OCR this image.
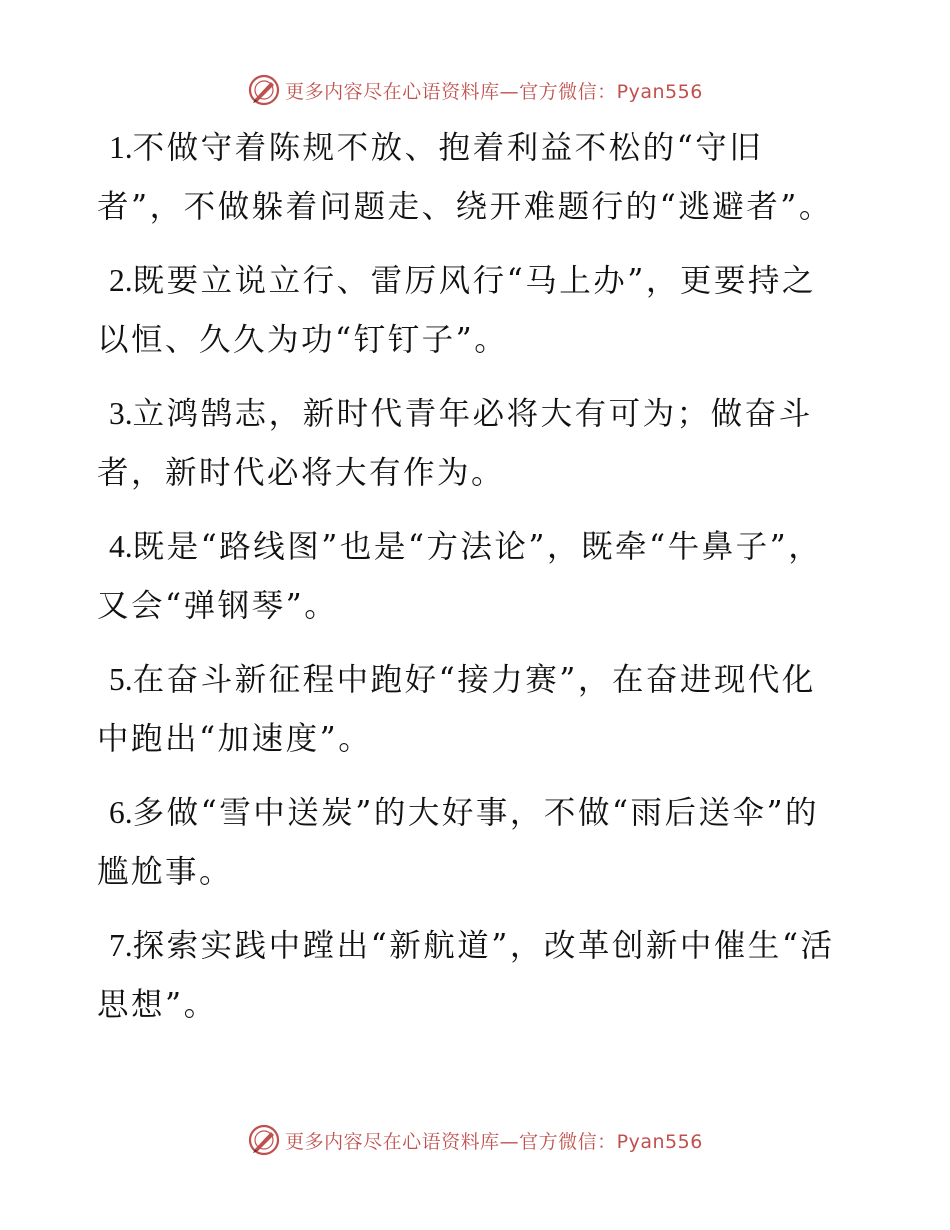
更多内容尽在心语资料库—官方微信：Pyan556

1.不做守着陈规不放、抱着利益不松的“守旧者”，不做躲着问题走、绕开难题行的“逃避者”。

2.既要立说立行、雷厉风行“马上办”，更要持之以恒、久久为功“钉钉子”。

3.立鸿鹄志，新时代青年必将大有可为；做奋斗者，新时代必将大有作为。

4.既是“路线图”也是“方法论”，既牵“牛鼻子”，又会“弹钢琴”。

5.在奋斗新征程中跑好“接力赛”，在奋进现代化中跑出“加速度”。

6.多做“雪中送炭”的大好事，不做“雨后送伞”的尴尬事。

7.探索实践中蹚出“新航道”，改革创新中催生“活思想”。

更多内容尽在心语资料库—官方微信：Pyan556
